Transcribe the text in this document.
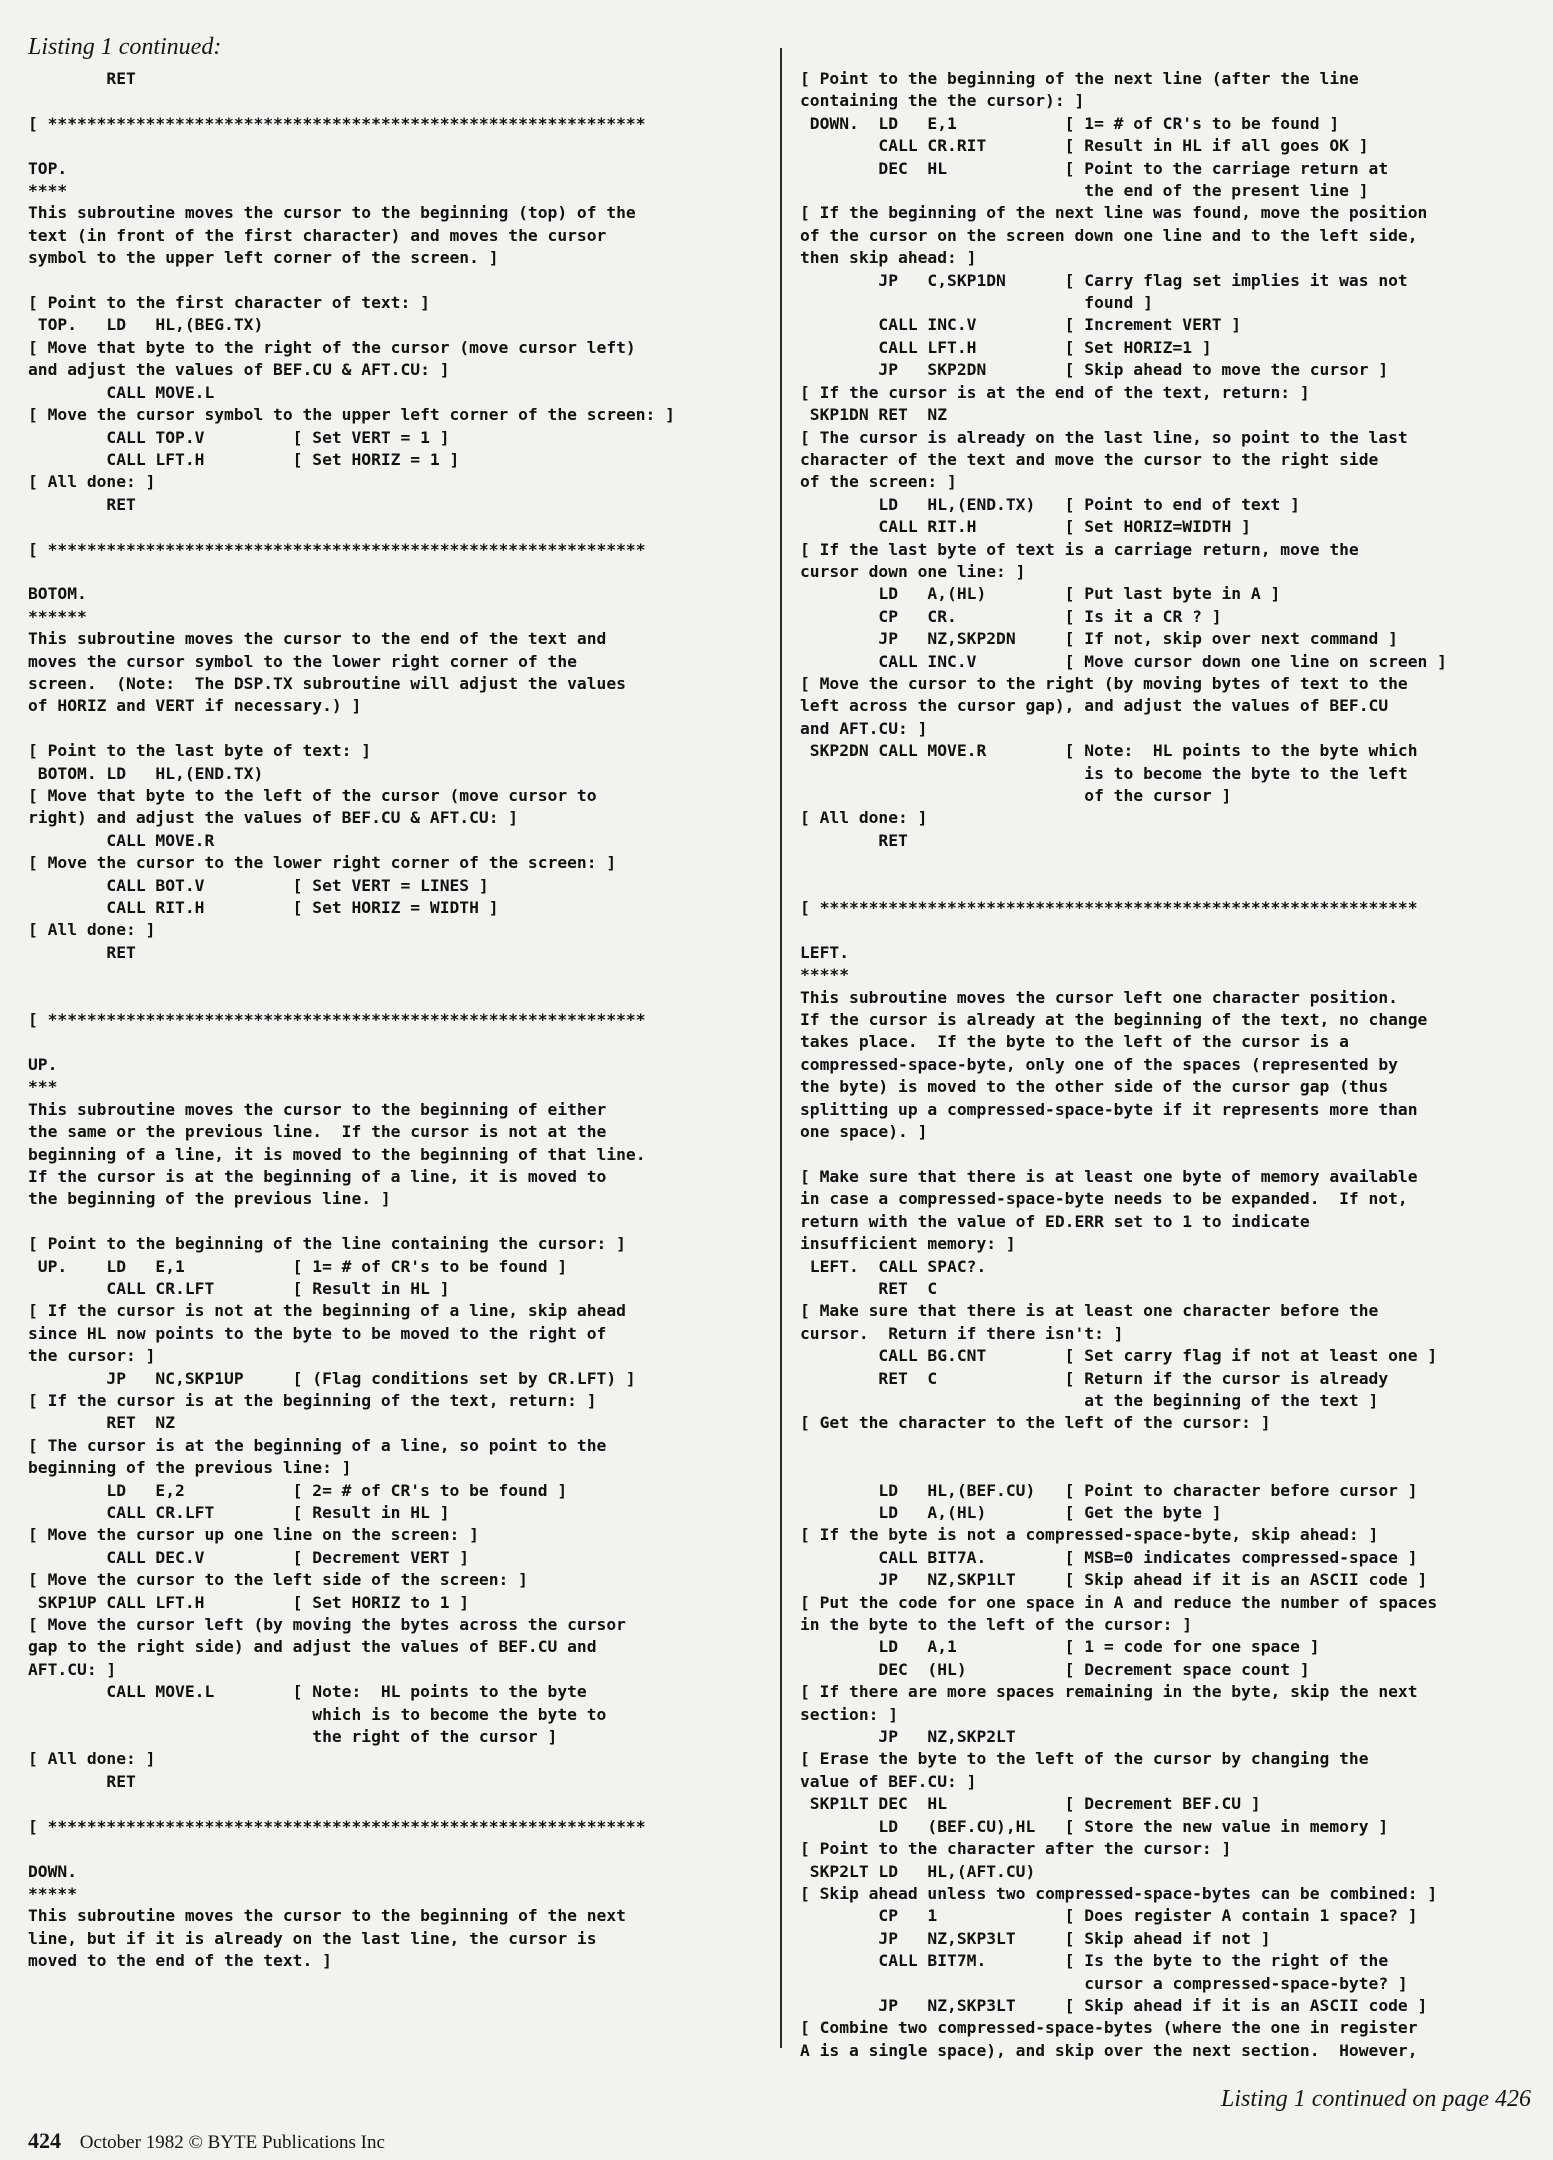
Listing 1 continued:
RET

[ *************************************************************

TOP.
****
This subroutine moves the cursor to the beginning (top) of the
text (in front of the first character) and moves the cursor
symbol to the upper left corner of the screen. ]

[ Point to the first character of text: ]
TOP.   LD   HL,(BEG.TX)
[ Move that byte to the right of the cursor (move cursor left)
and adjust the values of BEF.CU & AFT.CU: ]
CALL MOVE.L
[ Move the cursor symbol to the upper left corner of the screen: ]
CALL TOP.V         [ Set VERT = 1 ]
CALL LFT.H         [ Set HORIZ = 1 ]
[ All done: ]
RET

[ *************************************************************

BOTOM.
******
This subroutine moves the cursor to the end of the text and
moves the cursor symbol to the lower right corner of the
screen.  (Note:  The DSP.TX subroutine will adjust the values
of HORIZ and VERT if necessary.) ]

[ Point to the last byte of text: ]
BOTOM. LD   HL,(END.TX)
[ Move that byte to the left of the cursor (move cursor to
right) and adjust the values of BEF.CU & AFT.CU: ]
CALL MOVE.R
[ Move the cursor to the lower right corner of the screen: ]
CALL BOT.V         [ Set VERT = LINES ]
CALL RIT.H         [ Set HORIZ = WIDTH ]
[ All done: ]
RET

[ *************************************************************

UP.
***
This subroutine moves the cursor to the beginning of either
the same or the previous line.  If the cursor is not at the
beginning of a line, it is moved to the beginning of that line.
If the cursor is at the beginning of a line, it is moved to
the beginning of the previous line. ]

[ Point to the beginning of the line containing the cursor: ]
UP.    LD   E,1           [ 1= # of CR's to be found ]
CALL CR.LFT        [ Result in HL ]
[ If the cursor is not at the beginning of a line, skip ahead
since HL now points to the byte to be moved to the right of
the cursor: ]
JP   NC,SKP1UP     [ (Flag conditions set by CR.LFT) ]
[ If the cursor is at the beginning of the text, return: ]
RET  NZ
[ The cursor is at the beginning of a line, so point to the
beginning of the previous line: ]
LD   E,2           [ 2= # of CR's to be found ]
CALL CR.LFT        [ Result in HL ]
[ Move the cursor up one line on the screen: ]
CALL DEC.V         [ Decrement VERT ]
[ Move the cursor to the left side of the screen: ]
SKP1UP CALL LFT.H         [ Set HORIZ to 1 ]
[ Move the cursor left (by moving the bytes across the cursor
gap to the right side) and adjust the values of BEF.CU and
AFT.CU: ]
CALL MOVE.L        [ Note:  HL points to the byte
which is to become the byte to
the right of the cursor ]
[ All done: ]
RET

[ *************************************************************

DOWN.
*****
This subroutine moves the cursor to the beginning of the next
line, but if it is already on the last line, the cursor is
moved to the end of the text. ]
[ Point to the beginning of the next line (after the line
containing the the cursor): ]
DOWN.  LD   E,1           [ 1= # of CR's to be found ]
CALL CR.RIT        [ Result in HL if all goes OK ]
DEC  HL            [ Point to the carriage return at
the end of the present line ]
[ If the beginning of the next line was found, move the position
of the cursor on the screen down one line and to the left side,
then skip ahead: ]
JP   C,SKP1DN      [ Carry flag set implies it was not
found ]
CALL INC.V         [ Increment VERT ]
CALL LFT.H         [ Set HORIZ=1 ]
JP   SKP2DN        [ Skip ahead to move the cursor ]
[ If the cursor is at the end of the text, return: ]
SKP1DN RET  NZ
[ The cursor is already on the last line, so point to the last
character of the text and move the cursor to the right side
of the screen: ]
LD   HL,(END.TX)   [ Point to end of text ]
CALL RIT.H         [ Set HORIZ=WIDTH ]
[ If the last byte of text is a carriage return, move the
cursor down one line: ]
LD   A,(HL)        [ Put last byte in A ]
CP   CR.           [ Is it a CR ? ]
JP   NZ,SKP2DN     [ If not, skip over next command ]
CALL INC.V         [ Move cursor down one line on screen ]
[ Move the cursor to the right (by moving bytes of text to the
left across the cursor gap), and adjust the values of BEF.CU
and AFT.CU: ]
SKP2DN CALL MOVE.R        [ Note:  HL points to the byte which
is to become the byte to the left
of the cursor ]
[ All done: ]
RET

[ *************************************************************

LEFT.
*****
This subroutine moves the cursor left one character position.
If the cursor is already at the beginning of the text, no change
takes place.  If the byte to the left of the cursor is a
compressed-space-byte, only one of the spaces (represented by
the byte) is moved to the other side of the cursor gap (thus
splitting up a compressed-space-byte if it represents more than
one space). ]

[ Make sure that there is at least one byte of memory available
in case a compressed-space-byte needs to be expanded.  If not,
return with the value of ED.ERR set to 1 to indicate
insufficient memory: ]
LEFT.  CALL SPAC?.
RET  C
[ Make sure that there is at least one character before the
cursor.  Return if there isn't: ]
CALL BG.CNT        [ Set carry flag if not at least one ]
RET  C             [ Return if the cursor is already
at the beginning of the text ]
[ Get the character to the left of the cursor: ]

LD   HL,(BEF.CU)   [ Point to character before cursor ]
LD   A,(HL)        [ Get the byte ]
[ If the byte is not a compressed-space-byte, skip ahead: ]
CALL BIT7A.        [ MSB=0 indicates compressed-space ]
JP   NZ,SKP1LT     [ Skip ahead if it is an ASCII code ]
[ Put the code for one space in A and reduce the number of spaces
in the byte to the left of the cursor: ]
LD   A,1           [ 1 = code for one space ]
DEC  (HL)          [ Decrement space count ]
[ If there are more spaces remaining in the byte, skip the next
section: ]
JP   NZ,SKP2LT
[ Erase the byte to the left of the cursor by changing the
value of BEF.CU: ]
SKP1LT DEC  HL            [ Decrement BEF.CU ]
LD   (BEF.CU),HL   [ Store the new value in memory ]
[ Point to the character after the cursor: ]
SKP2LT LD   HL,(AFT.CU)
[ Skip ahead unless two compressed-space-bytes can be combined: ]
CP   1             [ Does register A contain 1 space? ]
JP   NZ,SKP3LT     [ Skip ahead if not ]
CALL BIT7M.        [ Is the byte to the right of the
cursor a compressed-space-byte? ]
JP   NZ,SKP3LT     [ Skip ahead if it is an ASCII code ]
[ Combine two compressed-space-bytes (where the one in register
A is a single space), and skip over the next section.  However,
Listing 1 continued on page 426
424 October 1982 © BYTE Publications Inc
